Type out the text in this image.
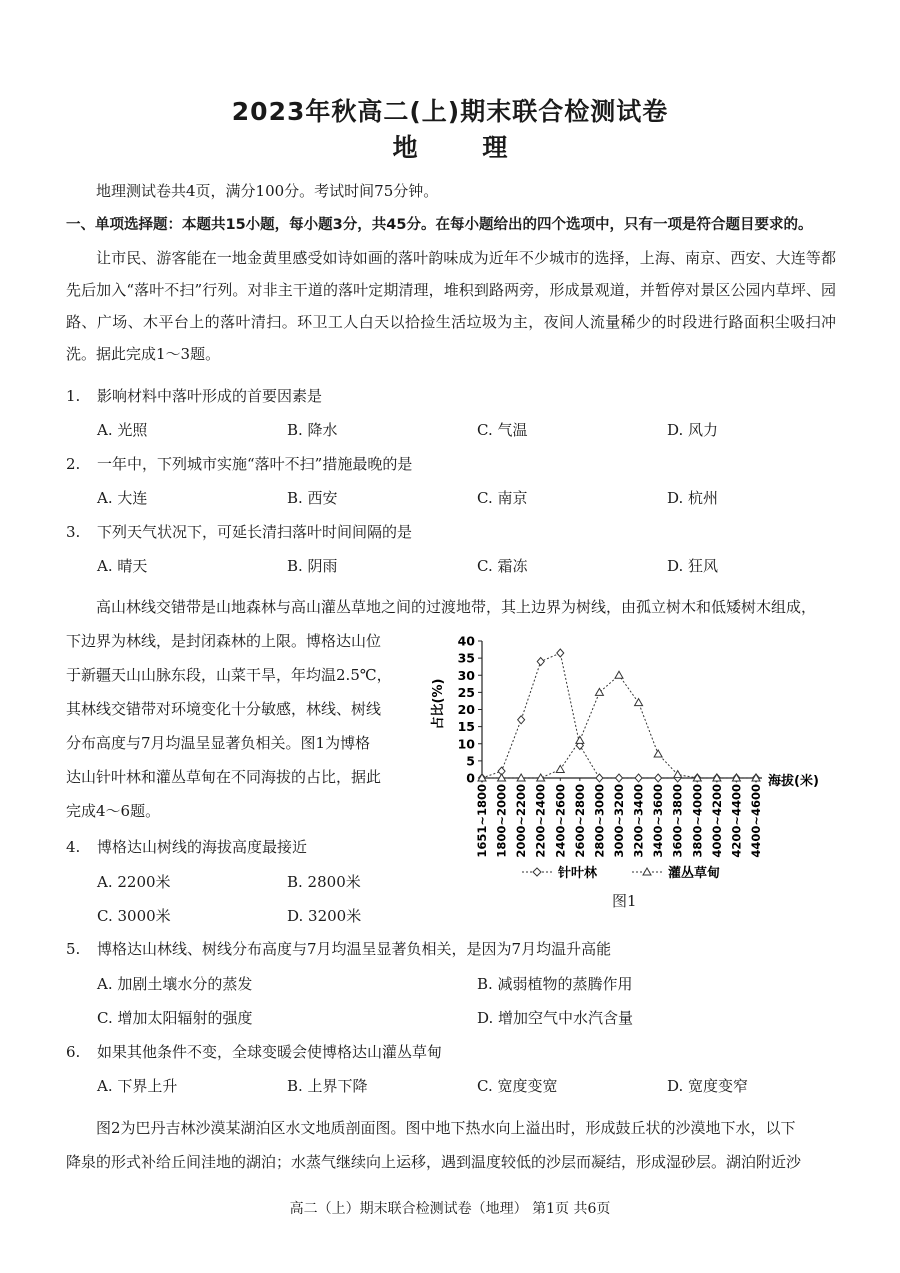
2023年秋高二(上)期末联合检测试卷
地 理
地理测试卷共4页，满分100分。考试时间75分钟。
一、单项选择题：本题共15小题，每小题3分，共45分。在每小题给出的四个选项中，只有一项是符合题目要求的。
让市民、游客能在一地金黄里感受如诗如画的落叶韵味成为近年不少城市的选择，上海、南京、西安、大连等都先后加入“落叶不扫”行列。对非主干道的落叶定期清理，堆积到路两旁，形成景观道，并暂停对景区公园内草坪、园路、广场、木平台上的落叶清扫。环卫工人白天以拾捡生活垃圾为主，夜间人流量稀少的时段进行路面积尘吸扫冲洗。据此完成1～3题。
1. 影响材料中落叶形成的首要因素是
A. 光照	B. 降水	C. 气温	D. 风力
2. 一年中，下列城市实施“落叶不扫”措施最晚的是
A. 大连	B. 西安	C. 南京	D. 杭州
3. 下列天气状况下，可延长清扫落叶时间间隔的是
A. 晴天	B. 阴雨	C. 霜冻	D. 狂风
高山林线交错带是山地森林与高山灌丛草地之间的过渡地带，其上边界为树线，由孤立树木和低矮树木组成，
下边界为林线，是封闭森林的上限。博格达山位
于新疆天山山脉东段，山菜干旱，年均温2.5℃，
其林线交错带对环境变化十分敏感，林线、树线
分布高度与7月均温呈显著负相关。图1为博格
达山针叶林和灌丛草甸在不同海拔的占比，据此
完成4～6题。
4. 博格达山树线的海拔高度最接近
A. 2200米	B. 2800米
C. 3000米	D. 3200米
0
5
10
15
20
25
30
35
40
1651~1800 1800~2000 2000~2200 2200~2400 2400~2600 2600~2800 2800~3000 3000~3200 3200~3400 3400~3600 3600~3800 3800~4000 4000~4200 4200~4400 4400~4600
占比(%)
海拔(米)
针叶林	灌丛草甸
图1
5. 博格达山林线、树线分布高度与7月均温呈显著负相关，是因为7月均温升高能
A. 加剧土壤水分的蒸发	B. 减弱植物的蒸腾作用
C. 增加太阳辐射的强度	D. 增加空气中水汽含量
6. 如果其他条件不变，全球变暖会使博格达山灌丛草甸
A. 下界上升	B. 上界下降	C. 宽度变宽	D. 宽度变窄
图2为巴丹吉林沙漠某湖泊区水文地质剖面图。图中地下热水向上溢出时，形成鼓丘状的沙漠地下水，以下
降泉的形式补给丘间洼地的湖泊；水蒸气继续向上运移，遇到温度较低的沙层而凝结，形成湿砂层。湖泊附近沙
高二（上）期末联合检测试卷（地理） 第1页 共6页
